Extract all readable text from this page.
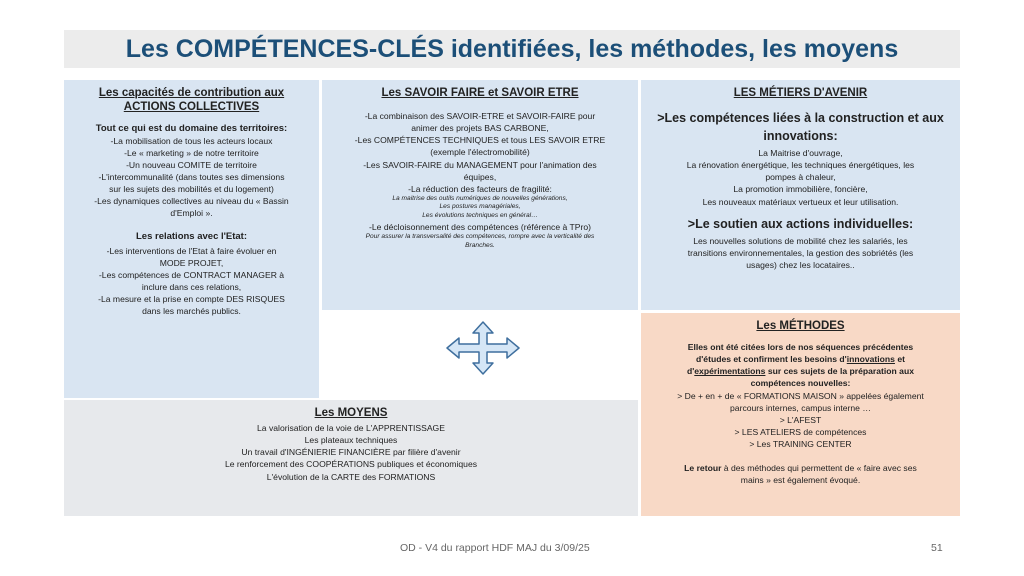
Les COMPÉTENCES-CLÉS identifiées, les méthodes, les moyens
Les capacités de contribution aux
ACTIONS COLLECTIVES
Tout ce qui est du domaine des territoires:
-La mobilisation de tous les acteurs locaux
-Le « marketing » de notre territoire
-Un nouveau COMITE de territoire
-L'intercommunalité (dans toutes ses dimensions
sur les sujets des mobilités et du logement)
-Les dynamiques collectives au niveau du « Bassin
d'Emploi ».
Les relations avec l'Etat:
-Les interventions de l'Etat à faire évoluer en
MODE PROJET,
-Les compétences de CONTRACT MANAGER à
inclure dans ces relations,
-La mesure et la prise en compte DES RISQUES
dans les marchés publics.
Les SAVOIR FAIRE et SAVOIR ETRE
-La combinaison des SAVOIR-ETRE et SAVOIR-FAIRE pour
animer des projets BAS CARBONE,
-Les COMPÉTENCES TECHNIQUES et tous LES SAVOIR ETRE
(exemple l'électromobilité)
-Les SAVOIR-FAIRE du MANAGEMENT pour l'animation des
équipes,
-La réduction des facteurs de fragilité:
La maitrise des outils numériques de nouvelles générations,
Les postures managériales,
Les évolutions techniques en général…
-Le décloisonnement des compétences (référence à TPro)
Pour assurer la transversalité des compétences, rompre avec la verticalité des
Branches.
LES MÉTIERS D'AVENIR
>Les compétences liées à la construction et aux
innovations:
La Maitrise d'ouvrage,
La rénovation énergétique, les techniques énergétiques, les
pompes à chaleur,
La promotion immobilière, foncière,
Les nouveaux matériaux vertueux et leur utilisation.
>Le soutien aux actions individuelles:
Les nouvelles solutions de mobilité chez les salariés, les
transitions environnementales, la gestion des sobriétés (les
usages) chez les locataires..
Les MOYENS
La valorisation de la voie de L'APPRENTISSAGE
Les plateaux techniques
Un travail d'INGÉNIERIE FINANCIÈRE par filière d'avenir
Le renforcement des COOPÉRATIONS publiques et économiques
L'évolution de la CARTE des FORMATIONS
Les MÉTHODES
Elles ont été citées lors de nos séquences précédentes
d'études et confirment les besoins d'innovations et
d'expérimentations sur ces sujets de la préparation aux
compétences nouvelles:
> De + en + de « FORMATIONS MAISON » appelées également
parcours internes, campus interne …
> L'AFEST
> LES ATELIERS de compétences
> Les TRAINING CENTER
Le retour à des méthodes qui permettent de « faire avec ses
mains » est également évoqué.
OD - V4 du rapport HDF MAJ du 3/09/25	51
